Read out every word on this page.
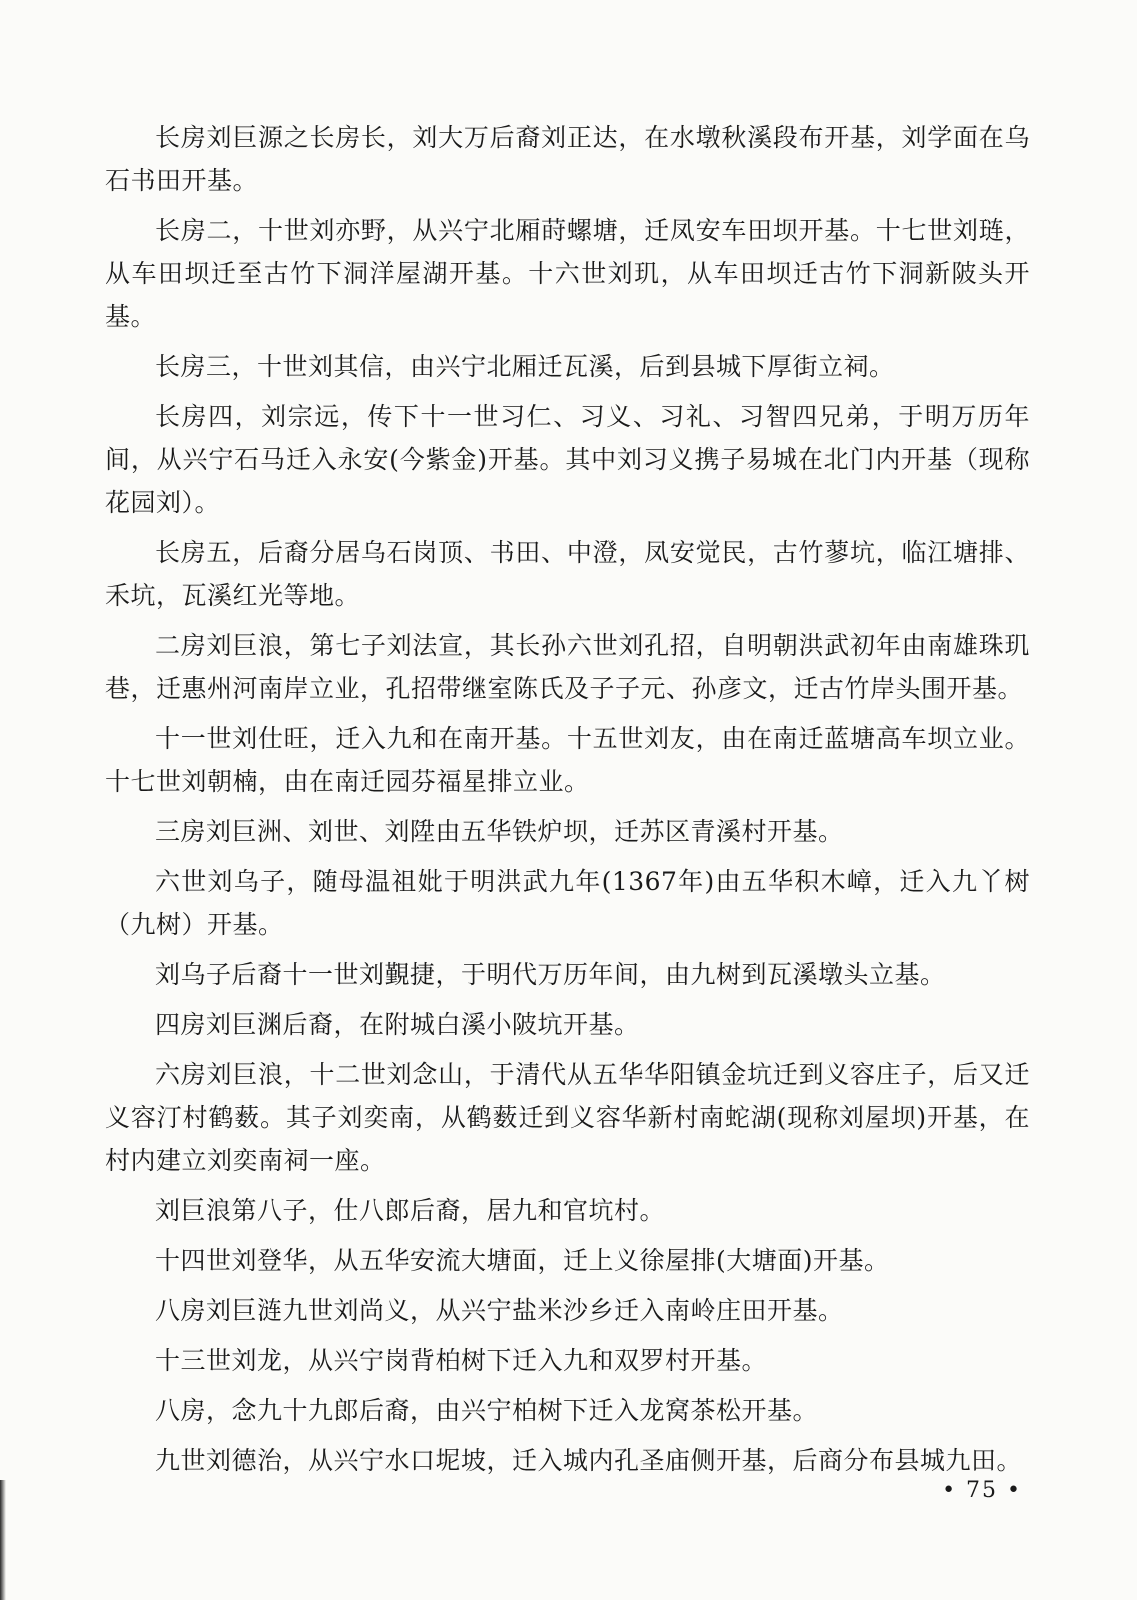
长房刘巨源之长房长，刘大万后裔刘正达，在水墩秋溪段布开基，刘学面在乌石书田开基。

长房二，十世刘亦野，从兴宁北厢莳螺塘，迁凤安车田坝开基。十七世刘琏，从车田坝迁至古竹下洞洋屋湖开基。十六世刘玑，从车田坝迁古竹下洞新陂头开基。

长房三，十世刘其信，由兴宁北厢迁瓦溪，后到县城下厚街立祠。

长房四，刘宗远，传下十一世习仁、习义、习礼、习智四兄弟，于明万历年间，从兴宁石马迁入永安(今紫金)开基。其中刘习义携子易城在北门内开基（现称花园刘）。

长房五，后裔分居乌石岗顶、书田、中澄，凤安觉民，古竹蓼坑，临江塘排、禾坑，瓦溪红光等地。

二房刘巨浪，第七子刘法宣，其长孙六世刘孔招，自明朝洪武初年由南雄珠玑巷，迁惠州河南岸立业，孔招带继室陈氏及子子元、孙彦文，迁古竹岸头围开基。

十一世刘仕旺，迁入九和在南开基。十五世刘友，由在南迁蓝塘高车坝立业。十七世刘朝楠，由在南迁园芬福星排立业。

三房刘巨洲、刘世、刘陞由五华铁炉坝，迁苏区青溪村开基。

六世刘乌子，随母温祖妣于明洪武九年(1367年)由五华积木嶂，迁入九丫树（九树）开基。

刘乌子后裔十一世刘覲捷，于明代万历年间，由九树到瓦溪墩头立基。

四房刘巨渊后裔，在附城白溪小陂坑开基。

六房刘巨浪，十二世刘念山，于清代从五华华阳镇金坑迁到义容庄子，后又迁义容汀村鹤薮。其子刘奕南，从鹤薮迁到义容华新村南蛇湖(现称刘屋坝)开基，在村内建立刘奕南祠一座。

刘巨浪第八子，仕八郎后裔，居九和官坑村。

十四世刘登华，从五华安流大塘面，迁上义徐屋排(大塘面)开基。

八房刘巨涟九世刘尚义，从兴宁盐米沙乡迁入南岭庄田开基。

十三世刘龙，从兴宁岗背柏树下迁入九和双罗村开基。

八房，念九十九郎后裔，由兴宁柏树下迁入龙窝茶松开基。

九世刘德治，从兴宁水口坭坡，迁入城内孔圣庙侧开基，后商分布县城九田。

• 75 •
